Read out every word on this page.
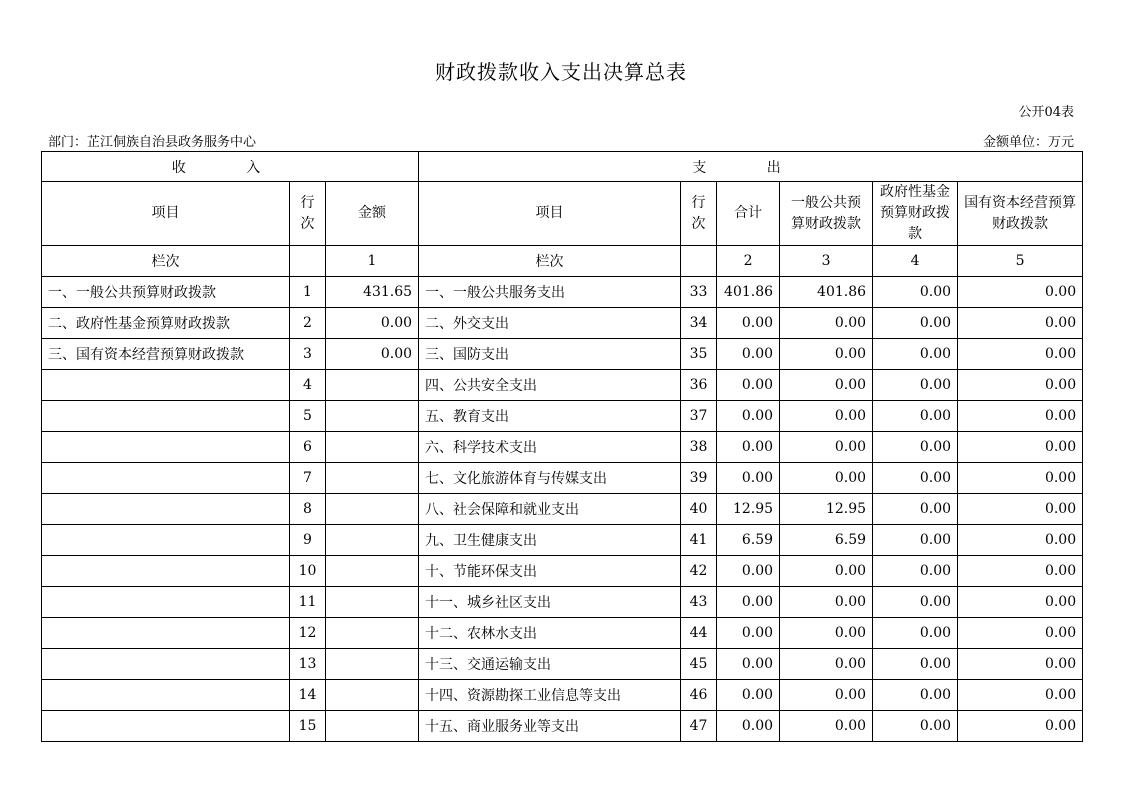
财政拨款收入支出决算总表
公开04表
部门：芷江侗族自治县政务服务中心	金额单位：万元
收 入			支 出					
项目	行次	金额	项目	行次	合计	一般公共预算财政拨款	政府性基金预算财政拨款	国有资本经营预算财政拨款
栏次		1	栏次		2	3	4	5
一、一般公共预算财政拨款	1	431.65	一、一般公共服务支出	33	401.86	401.86	0.00	0.00
二、政府性基金预算财政拨款	2	0.00	二、外交支出	34	0.00	0.00	0.00	0.00
三、国有资本经营预算财政拨款	3	0.00	三、国防支出	35	0.00	0.00	0.00	0.00
	4		四、公共安全支出	36	0.00	0.00	0.00	0.00
	5		五、教育支出	37	0.00	0.00	0.00	0.00
	6		六、科学技术支出	38	0.00	0.00	0.00	0.00
	7		七、文化旅游体育与传媒支出	39	0.00	0.00	0.00	0.00
	8		八、社会保障和就业支出	40	12.95	12.95	0.00	0.00
	9		九、卫生健康支出	41	6.59	6.59	0.00	0.00
	10		十、节能环保支出	42	0.00	0.00	0.00	0.00
	11		十一、城乡社区支出	43	0.00	0.00	0.00	0.00
	12		十二、农林水支出	44	0.00	0.00	0.00	0.00
	13		十三、交通运输支出	45	0.00	0.00	0.00	0.00
	14		十四、资源勘探工业信息等支出	46	0.00	0.00	0.00	0.00
	15		十五、商业服务业等支出	47	0.00	0.00	0.00	0.00
